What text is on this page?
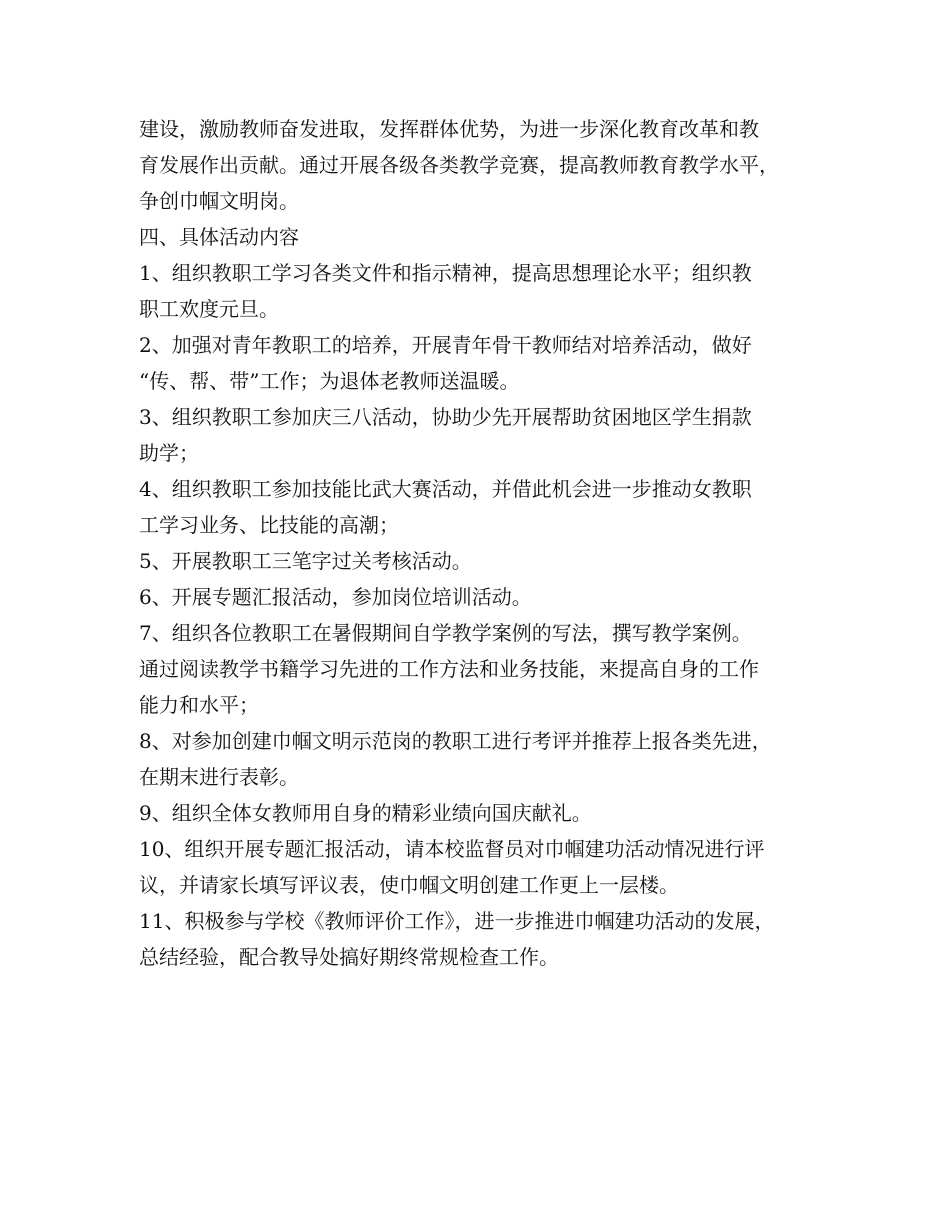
建设，激励教师奋发进取，发挥群体优势，为进一步深化教育改革和教
育发展作出贡献。通过开展各级各类教学竞赛，提高教师教育教学水平，
争创巾帼文明岗。
四、具体活动内容
1、组织教职工学习各类文件和指示精神，提高思想理论水平；组织教
职工欢度元旦。
2、加强对青年教职工的培养，开展青年骨干教师结对培养活动，做好
“传、帮、带”工作；为退体老教师送温暖。
3、组织教职工参加庆三八活动，协助少先开展帮助贫困地区学生捐款
助学；
4、组织教职工参加技能比武大赛活动，并借此机会进一步推动女教职
工学习业务、比技能的高潮；
5、开展教职工三笔字过关考核活动。
6、开展专题汇报活动，参加岗位培训活动。
7、组织各位教职工在暑假期间自学教学案例的写法，撰写教学案例。
通过阅读教学书籍学习先进的工作方法和业务技能，来提高自身的工作
能力和水平；
8、对参加创建巾帼文明示范岗的教职工进行考评并推荐上报各类先进，
在期末进行表彰。
9、组织全体女教师用自身的精彩业绩向国庆献礼。
10、组织开展专题汇报活动，请本校监督员对巾帼建功活动情况进行评
议，并请家长填写评议表，使巾帼文明创建工作更上一层楼。
11、积极参与学校《教师评价工作》，进一步推进巾帼建功活动的发展，
总结经验，配合教导处搞好期终常规检查工作。
